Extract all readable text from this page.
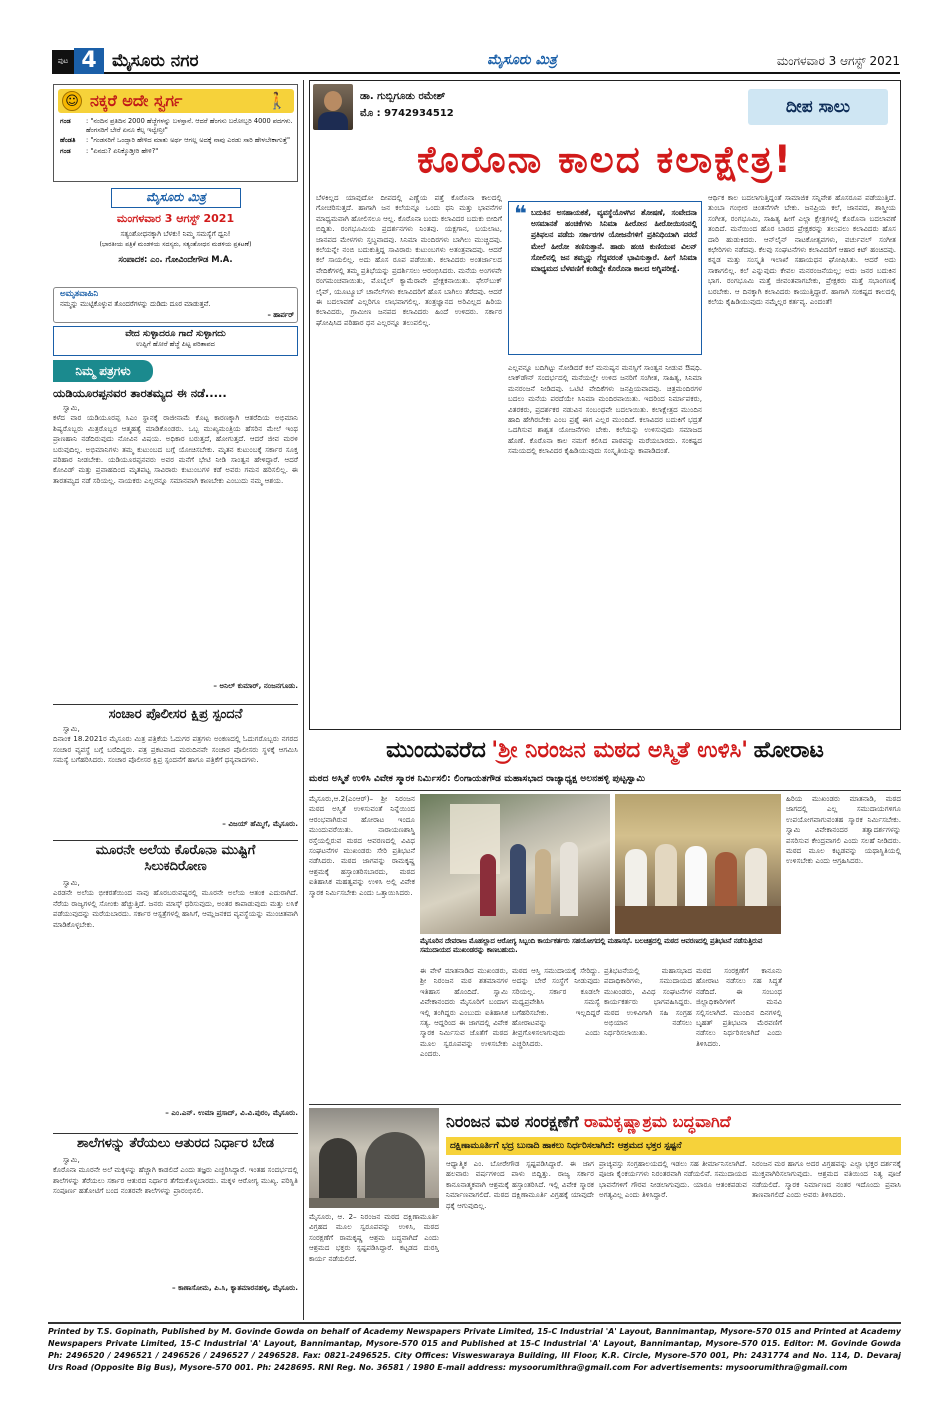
ಪುಟ 4 ಮೈಸೂರು ನಗರ	ಮೈಸೂರು ಮಿತ್ರ	ಮಂಗಳವಾರ 3 ಆಗಸ್ಟ್ 2021
☺ ನಕ್ಕರೆ ಅದೇ ಸ್ವರ್ಗ	🚶
ಗಂಡ	: "ನಂದಿನ ಪ್ರತಿದಿನ 2000 ಹೆಜ್ಜೆಗಳನ್ನು ಬಳಸ್ತಾನೆ. ಆದರೆ ಹೆಂಗಸು ಬರೋಬ್ಬರಿ 4000 ಪದಗಳು. ಹೆಂಗಸರಿಗೆ ಬೇರೆ ಏನೂ ಕೆಲ್ಸ ಇಲ್ವೇನ್ರೀ"
ಹೆಂಡತಿ	: "ಗಂಡಸರಿಗೆ ಒಂದ್ಸಾರಿ ಹೇಳಿದ ಮಾತು ಅರ್ಥ ಆಗಲ್ಲ ಅದಕ್ಕೆ ನಾವು ಎರಡು ಸಾರಿ ಹೇಳಬೇಕಾಗುತ್ತೆ"
ಗಂಡ	: "ಏನದು? ಏನಿಕ್ಕೊಡ್ತೀರಿ ಹೇಳಿ?"
ಮೈಸೂರು ಮಿತ್ರ
ಮಂಗಳವಾರ 3 ಆಗಸ್ಟ್ 2021
ಸತ್ಯಂಶೋಧನಕ್ಕಾಗಿ ಬೆಳಕು! ನಿಮ್ಮ ಸಮಸ್ಯೆಗೆ ಧ್ವನಿ!
(ಭಾರತೀಯ ಪತ್ರಿಕೆ ಮಂಡಳಿಯ ಸದಸ್ಯರು, ಸತ್ಯಂಶೋಧನ ಮಡಳಿಯ ಪ್ರಕಟಣೆ)
ಸಂಪಾದಕ: ಎಂ. ಗೋವಿಂದೇಗೌಡ M.A.
ಅಮೃತವಾಹಿನಿ
ನಮ್ಮನ್ನು ಮುಟ್ಟಿಕೊಳ್ಳುವ ತೊಂದರೆಗಳನ್ನು ದುಡಿದು ದೂರ ಮಾಡುತ್ತವೆ.
– ಹಾರ್ಪರ್
ವೇದ ಸುಳ್ಳಾದರೂ ಗಾದೆ ಸುಳ್ಳಾಗದು
ಉಪ್ಪಿಗೆ ಹೋರೆ ಹೆಜ್ಜೆ ಪಿಟ್ಟ ಪರಿತಾಪದ
ನಿಮ್ಮ ಪತ್ರಗಳು
ಯಡಿಯೂರಪ್ಪನವರ ತಾರತಮ್ಯದ ಈ ನಡೆ.....
ಸ್ವಾಮಿ,
ಕಳೆದ ವಾರ ಯಡಿಯೂರಪ್ಪ ಸಿಎಂ ಸ್ಥಾನಕ್ಕೆ ರಾಜೀನಾಮೆ ಕೊಟ್ಟ ಕಾರಣಕ್ಕಾಗಿ ಆತರೆದಿಯ ಅಭಿಮಾನಿ ಶಿಷ್ಯರೊಬ್ಬರು ಮಿತ್ರರೊಬ್ಬರ ಆತ್ಮಹತ್ಯೆ ಮಾಡಿಕೊಂಡರು. ಒಬ್ಬ ಮುಖ್ಯಮಂತ್ರಿಯ ಹೆಸರಿನ ಮೇಲೆ ಇಂಥ ಪ್ರಾಣಹಾನಿ ನಡೆದಿರುವುದು ನೋವಿನ ವಿಷಯ. ಅಧಿಕಾರ ಬರುತ್ತದೆ, ಹೋಗುತ್ತದೆ. ಆದರೆ ಜೀವ ಮರಳಿ ಬರುವುದಿಲ್ಲ. ಅಭಿಮಾನಿಗಳು ತಮ್ಮ ಕುಟುಂಬದ ಬಗ್ಗೆ ಯೋಚಿಸಬೇಕು. ಮೃತನ ಕುಟುಂಬಕ್ಕೆ ಸರ್ಕಾರ ಸೂಕ್ತ ಪರಿಹಾರ ನೀಡಬೇಕು. ಯಡಿಯೂರಪ್ಪನವರು ಅವರ ಮನೆಗೆ ಭೇಟಿ ನೀಡಿ ಸಾಂತ್ವನ ಹೇಳಿದ್ದಾರೆ. ಆದರೆ ಕೋವಿಡ್ ಮತ್ತು ಪ್ರವಾಹದಿಂದ ಮೃತಪಟ್ಟ ಸಾವಿರಾರು ಕುಟುಂಬಗಳ ಕಡೆ ಅವರು ಗಮನ ಹರಿಸಲಿಲ್ಲ. ಈ ತಾರತಮ್ಯದ ನಡೆ ಸರಿಯಲ್ಲ. ನಾಯಕರು ಎಲ್ಲರನ್ನೂ ಸಮಾನವಾಗಿ ಕಾಣಬೇಕು ಎಂಬುದು ನಮ್ಮ ಆಶಯ.
– ಅನಿಲ್ ಕುಮಾರ್, ನಂಜನಗೂಡು.
ಸಂಚಾರ ಪೊಲೀಸರ ಕ್ಷಿಪ್ರ ಸ್ಪಂದನೆ
ಸ್ವಾಮಿ,
ದಿನಾಂಕ 18.2021ರ ಮೈಸೂರು ಮಿತ್ರ ಪತ್ರಿಕೆಯ ಓದುಗರ ಪತ್ರಗಳು ಅಂಕಣದಲ್ಲಿ ಓದುಗರೊಬ್ಬರು ನಗರದ ಸಂಚಾರ ವ್ಯವಸ್ಥೆ ಬಗ್ಗೆ ಬರೆದಿದ್ದರು. ಪತ್ರ ಪ್ರಕಟವಾದ ಮರುದಿನವೇ ಸಂಚಾರ ಪೊಲೀಸರು ಸ್ಥಳಕ್ಕೆ ಆಗಮಿಸಿ ಸಮಸ್ಯೆ ಬಗೆಹರಿಸಿದರು. ಸಂಚಾರ ಪೊಲೀಸರ ಕ್ಷಿಪ್ರ ಸ್ಪಂದನೆಗೆ ಹಾಗೂ ಪತ್ರಿಕೆಗೆ ಧನ್ಯವಾದಗಳು.
– ವಿಜಯ್ ಹೆಮ್ಮಿಗೆ, ಮೈಸೂರು.
ಮೂರನೇ ಅಲೆಯ ಕೊರೊನಾ ಮುಷ್ಟಿಗೆ ಸಿಲುಕದಿರೋಣ
ಸ್ವಾಮಿ,
ಎರಡನೇ ಅಲೆಯ ಭೀಕರತೆಯಿಂದ ನಾವು ಹೊರಬರುವಷ್ಟರಲ್ಲಿ ಮೂರನೇ ಅಲೆಯ ಆತಂಕ ಎದುರಾಗಿದೆ. ನೆರೆಯ ರಾಜ್ಯಗಳಲ್ಲಿ ಸೋಂಕು ಹೆಚ್ಚುತ್ತಿದೆ. ಜನರು ಮಾಸ್ಕ್ ಧರಿಸುವುದು, ಅಂತರ ಕಾಪಾಡುವುದು ಮತ್ತು ಲಸಿಕೆ ಪಡೆಯುವುದನ್ನು ಮರೆಯಬಾರದು. ಸರ್ಕಾರ ಆಸ್ಪತ್ರೆಗಳಲ್ಲಿ ಹಾಸಿಗೆ, ಆಮ್ಲಜನಕದ ವ್ಯವಸ್ಥೆಯನ್ನು ಮುಂಚಿತವಾಗಿ ಮಾಡಿಕೊಳ್ಳಬೇಕು.
– ಎಂ.ಎನ್. ಉಮಾ ಪ್ರಸಾದ್, ವಿ.ವಿ.ಪುರಂ, ಮೈಸೂರು.
ಶಾಲೆಗಳನ್ನು ತೆರೆಯಲು ಆತುರದ ನಿರ್ಧಾರ ಬೇಡ
ಸ್ವಾಮಿ,
ಕೊರೊನಾ ಮೂರನೇ ಅಲೆ ಮಕ್ಕಳನ್ನು ಹೆಚ್ಚಾಗಿ ಕಾಡಲಿದೆ ಎಂದು ತಜ್ಞರು ಎಚ್ಚರಿಸಿದ್ದಾರೆ. ಇಂತಹ ಸಂದರ್ಭದಲ್ಲಿ ಶಾಲೆಗಳನ್ನು ತೆರೆಯಲು ಸರ್ಕಾರ ಆತುರದ ನಿರ್ಧಾರ ತೆಗೆದುಕೊಳ್ಳಬಾರದು. ಮಕ್ಕಳ ಆರೋಗ್ಯ ಮುಖ್ಯ. ಪರಿಸ್ಥಿತಿ ಸಂಪೂರ್ಣ ಹತೋಟಿಗೆ ಬಂದ ನಂತರವೇ ಶಾಲೆಗಳನ್ನು ಪ್ರಾರಂಭಿಸಲಿ.
– ಕಾಣಾಸೋಮ, ಪಿ.ಸಿ, ಕ್ಯಾತಮಾರನಹಳ್ಳಿ, ಮೈಸೂರು.
ಡಾ. ಗುಬ್ಬಿಗೂಡು ರಮೇಶ್
ಮೊ : 9742934512	ದೀಪ ಸಾಲು
ಕೊರೊನಾ ಕಾಲದ ಕಲಾಕ್ಷೇತ್ರ!
ಬೆಳಕಿಲ್ಲದ ಯಾವುದೋ ದೀಪದಲ್ಲಿ ಎಣ್ಣೆಯ ಪತ್ತೆ ಕೊರೊನಾ ಕಾಲದಲ್ಲಿ ಗೋಚರಿಸುತ್ತದೆ. ಹಾಗಾಗಿ ಜನ ಕಲೆಯನ್ನೂ ಒಂದು ಧನಿ ಮತ್ತು ಭಾವನೆಗಳ ಮಾಧ್ಯಮವಾಗಿ ಹೋಲಿಸಲೂ ಆಲ್ಲ. ಕೊರೊನಾ ಬಂದು ಕಲಾವಿದರ ಬದುಕು ಬೀದಿಗೆ ಬಿದ್ದಿತು. ರಂಗಭೂಮಿಯ ಪ್ರದರ್ಶನಗಳು ನಿಂತವು. ಯಕ್ಷಗಾನ, ಬಯಲಾಟ, ಜಾನಪದ ಮೇಳಗಳು ಸ್ತಬ್ಧವಾದವು. ಸಿನಿಮಾ ಮಂದಿರಗಳು ಬಾಗಿಲು ಮುಚ್ಚಿದವು. ಕಲೆಯನ್ನೇ ನಂಬಿ ಬದುಕುತ್ತಿದ್ದ ಸಾವಿರಾರು ಕುಟುಂಬಗಳು ಅತಂತ್ರವಾದವು. ಆದರೆ ಕಲೆ ಸಾಯಲಿಲ್ಲ. ಅದು ಹೊಸ ರೂಪ ಪಡೆಯಿತು. ಕಲಾವಿದರು ಅಂತರ್ಜಾಲದ ವೇದಿಕೆಗಳಲ್ಲಿ ತಮ್ಮ ಪ್ರತಿಭೆಯನ್ನು ಪ್ರದರ್ಶಿಸಲು ಆರಂಭಿಸಿದರು. ಮನೆಯ ಅಂಗಳವೇ ರಂಗಮಂಚವಾಯಿತು, ಮೊಬೈಲ್ ಕ್ಯಾಮೆರಾವೇ ಪ್ರೇಕ್ಷಕನಾಯಿತು. ಫೇಸ್‌ಬುಕ್ ಲೈವ್, ಯೂಟ್ಯೂಬ್ ಚಾನೆಲ್‌ಗಳು ಕಲಾವಿದರಿಗೆ ಹೊಸ ಬಾಗಿಲು ತೆರೆದವು. ಆದರೆ ಈ ಬದಲಾವಣೆ ಎಲ್ಲರಿಗೂ ಲಾಭವಾಗಲಿಲ್ಲ. ತಂತ್ರಜ್ಞಾನದ ಅರಿವಿಲ್ಲದ ಹಿರಿಯ ಕಲಾವಿದರು, ಗ್ರಾಮೀಣ ಜನಪದ ಕಲಾವಿದರು ಹಿಂದೆ ಉಳಿದರು. ಸರ್ಕಾರ ಘೋಷಿಸಿದ ಪರಿಹಾರ ಧನ ಎಲ್ಲರನ್ನೂ ತಲುಪಲಿಲ್ಲ.
❝ ಬದುಕಿನ ಅಸಹಾಯಕತೆ, ವ್ಯವಸ್ಥೆಯೊಳಗಿನ ಶೋಷಣೆ, ಸಂವೇದನಾ ಅಸಮಾನತೆ ಹಂಚಿಕೆಗಳು ಸಿನಿಮಾ ಹೀರೋನ ಹೀರೋಯಿಸಂನಲ್ಲಿ ಪ್ರತಿಫಲನ ಪಡೆದು ಸರ್ಕಾರಗಳ ಯೋಜನೆಗಳಿಗೆ ಪ್ರತಿನಿಧಿಯಾಗಿ ಪರದೆ ಮೇಲೆ ಹೀರೋ ತಣಿಸುತ್ತಾನೆ. ಹಾಡು ಹಂಚಿ ಕುಣಿಯುವ ವಿಲನ್ ಸೋಲಿನಲ್ಲಿ ಜನ ತಮ್ಮನ್ನು ಗೆದ್ದವರಂತೆ ಭಾವಿಸುತ್ತಾರೆ. ಹೀಗೆ ಸಿನಿಮಾ ಮಾಧ್ಯಮದ ಬೆಳವಣಿಗೆ ಕಂಡಿದ್ದೇ ಕೊರೊನಾ ಕಾಲದ ಅಗ್ನಿಪರೀಕ್ಷೆ.
ಎಲ್ಲವನ್ನೂ ಬದಿಗಿಟ್ಟು ನೋಡಿದರೆ ಕಲೆ ಮನುಷ್ಯನ ಮನಸ್ಸಿಗೆ ಸಾಂತ್ವನ ನೀಡುವ ಔಷಧಿ. ಲಾಕ್‌ಡೌನ್ ಸಂದರ್ಭದಲ್ಲಿ ಮನೆಯಲ್ಲೇ ಉಳಿದ ಜನರಿಗೆ ಸಂಗೀತ, ಸಾಹಿತ್ಯ, ಸಿನಿಮಾ ಮನರಂಜನೆ ನೀಡಿದವು. ಒಟಿಟಿ ವೇದಿಕೆಗಳು ಜನಪ್ರಿಯವಾದವು. ಚಿತ್ರಮಂದಿರಗಳ ಬದಲು ಮನೆಯ ಪರದೆಯೇ ಸಿನಿಮಾ ಮಂದಿರವಾಯಿತು. ಇದರಿಂದ ನಿರ್ಮಾಪಕರು, ವಿತರಕರು, ಪ್ರದರ್ಶಕರ ನಡುವಿನ ಸಂಬಂಧವೇ ಬದಲಾಯಿತು. ಕಲಾಕ್ಷೇತ್ರದ ಮುಂದಿನ ಹಾದಿ ಹೇಗಿರಬೇಕು ಎಂಬ ಪ್ರಶ್ನೆ ಈಗ ಎಲ್ಲರ ಮುಂದಿದೆ. ಕಲಾವಿದರ ಬದುಕಿಗೆ ಭದ್ರತೆ ಒದಗಿಸುವ ಶಾಶ್ವತ ಯೋಜನೆಗಳು ಬೇಕು. ಕಲೆಯನ್ನು ಉಳಿಸುವುದು ಸಮಾಜದ ಹೊಣೆ. ಕೊರೊನಾ ಕಾಲ ನಮಗೆ ಕಲಿಸಿದ ಪಾಠವನ್ನು ಮರೆಯಬಾರದು. ಸಂಕಷ್ಟದ ಸಮಯದಲ್ಲಿ ಕಲಾವಿದರ ಕೈಹಿಡಿಯುವುದು ಸಂಸ್ಕೃತಿಯನ್ನು ಕಾಪಾಡಿದಂತೆ.
ಆರ್ಥಿಕ ಕಾಲ ಬದಲಾಗುತ್ತಿದ್ದಂತೆ ಸಾಮಾಜಿಕ ಸನ್ನಿವೇಶ ಹೊಸರೂಪ ಪಡೆಯುತ್ತಿದೆ. ತುಂಬಾ ಗಂಭೀರ ಚಿಂತನೆಗಳೇ ಬೇಕು. ಜನಪ್ರಿಯ ಕಲೆ, ಜಾನಪದ, ಶಾಸ್ತ್ರೀಯ ಸಂಗೀತ, ರಂಗಭೂಮಿ, ಸಾಹಿತ್ಯ ಹೀಗೆ ಎಲ್ಲಾ ಕ್ಷೇತ್ರಗಳಲ್ಲಿ ಕೊರೊನಾ ಬದಲಾವಣೆ ತಂದಿದೆ. ಮನೆಯಿಂದ ಹೊರ ಬಾರದ ಪ್ರೇಕ್ಷಕರನ್ನು ತಲುಪಲು ಕಲಾವಿದರು ಹೊಸ ದಾರಿ ಹುಡುಕಿದರು. ಆನ್‌ಲೈನ್ ನಾಟಕೋತ್ಸವಗಳು, ವರ್ಚುವಲ್ ಸಂಗೀತ ಕಛೇರಿಗಳು ನಡೆದವು. ಕೆಲವು ಸಂಘಟನೆಗಳು ಕಲಾವಿದರಿಗೆ ಆಹಾರ ಕಿಟ್ ಹಂಚಿದವು. ಕನ್ನಡ ಮತ್ತು ಸಂಸ್ಕೃತಿ ಇಲಾಖೆ ಸಹಾಯಧನ ಘೋಷಿಸಿತು. ಆದರೆ ಅದು ಸಾಕಾಗಲಿಲ್ಲ. ಕಲೆ ಎನ್ನುವುದು ಕೇವಲ ಮನರಂಜನೆಯಲ್ಲ; ಅದು ಜನರ ಬದುಕಿನ ಭಾಗ. ರಂಗಭೂಮಿ ಮತ್ತೆ ಜೀವಂತವಾಗಬೇಕು, ಪ್ರೇಕ್ಷಕರು ಮತ್ತೆ ಸಭಾಂಗಣಕ್ಕೆ ಬರಬೇಕು. ಆ ದಿನಕ್ಕಾಗಿ ಕಲಾವಿದರು ಕಾಯುತ್ತಿದ್ದಾರೆ. ಹಾಗಾಗಿ ಸಂಕಷ್ಟದ ಕಾಲದಲ್ಲಿ ಕಲೆಯ ಕೈಹಿಡಿಯುವುದು ನಮ್ಮೆಲ್ಲರ ಕರ್ತವ್ಯ. ಎಂದಂತೆ!
ಮುಂದುವರೆದ 'ಶ್ರೀ ನಿರಂಜನ ಮಠದ ಅಸ್ಮಿತೆ ಉಳಿಸಿ' ಹೋರಾಟ
ಮಠದ ಅಸ್ಮಿತೆ ಉಳಿಸಿ ವಿವೇಕ ಸ್ಮಾರಕ ನಿರ್ಮಿಸಲಿ: ಲಿಂಗಾಯತಗೌಡ ಮಹಾಸಭಾದ ರಾಜ್ಯಾಧ್ಯಕ್ಷ ಅಲನಹಳ್ಳಿ ಪುಟ್ಟಸ್ವಾಮಿ
ಮೈಸೂರು,ಆ.2(ಎಂಆರ್)– ಶ್ರೀ ನಿರಂಜನ ಮಠದ ಅಸ್ಮಿತೆ ಉಳಿಸುವಂತೆ ನಿನ್ನೆಯಿಂದ ಆರಂಭವಾಗಿರುವ ಹೋರಾಟ ಇಂದೂ ಮುಂದುವರೆಯಿತು. ನಾರಾಯಣಶಾಸ್ತ್ರಿ ರಸ್ತೆಯಲ್ಲಿರುವ ಮಠದ ಆವರಣದಲ್ಲಿ ವಿವಿಧ ಸಂಘಟನೆಗಳ ಮುಖಂಡರು ಸೇರಿ ಪ್ರತಿಭಟನೆ ನಡೆಸಿದರು. ಮಠದ ಜಾಗವನ್ನು ರಾಮಕೃಷ್ಣ ಆಶ್ರಮಕ್ಕೆ ಹಸ್ತಾಂತರಿಸಬಾರದು, ಮಠದ ಐತಿಹಾಸಿಕ ಮಹತ್ವವನ್ನು ಉಳಿಸಿ ಅಲ್ಲಿ ವಿವೇಕ ಸ್ಮಾರಕ ನಿರ್ಮಿಸಬೇಕು ಎಂದು ಒತ್ತಾಯಿಸಿದರು.
ಹಿರಿಯ ಮುಖಂಡರು ಮಾತನಾಡಿ, ಮಠದ ಜಾಗದಲ್ಲಿ ಎಲ್ಲ ಸಮುದಾಯಗಳಿಗೂ ಉಪಯೋಗವಾಗುವಂತಹ ಸ್ಮಾರಕ ನಿರ್ಮಿಸಬೇಕು. ಸ್ವಾಮಿ ವಿವೇಕಾನಂದರ ತತ್ವಾದರ್ಶಗಳನ್ನು ಪಸರಿಸುವ ಕೇಂದ್ರವಾಗಲಿ ಎಂದು ಸಲಹೆ ನೀಡಿದರು. ಮಠದ ಮೂಲ ಕಟ್ಟಡವನ್ನು ಯಥಾಸ್ಥಿತಿಯಲ್ಲಿ ಉಳಿಸಬೇಕು ಎಂದು ಆಗ್ರಹಿಸಿದರು.
ಮೈಸೂರಿನ ದೇವರಾಜ ಮೊಹಲ್ಲಾದ ಆರೋಗ್ಯ ಸಿಬ್ಬಂದಿ ಕಾರ್ಯಕರ್ತರು ಸಹಯೋಗದಲ್ಲಿ ಮಹಾಸಭೆ. ಬಲಚಿತ್ರದಲ್ಲಿ ಮಠದ ಆವರಣದಲ್ಲಿ ಪ್ರತಿಭಟನೆ ನಡೆಸುತ್ತಿರುವ ಸಮುದಾಯದ ಮುಖಂಡರನ್ನು ಕಾಣಬಹುದು.
ಈ ವೇಳೆ ಮಾತನಾಡಿದ ಮುಖಂಡರು, ಶ್ರೀ ನಿರಂಜನ ಮಠ ಶತಮಾನಗಳ ಇತಿಹಾಸ ಹೊಂದಿದೆ. ಸ್ವಾಮಿ ವಿವೇಕಾನಂದರು ಮೈಸೂರಿಗೆ ಬಂದಾಗ ಇಲ್ಲಿ ತಂಗಿದ್ದರು ಎಂಬುದು ಐತಿಹಾಸಿಕ ಸತ್ಯ. ಆದ್ದರಿಂದ ಈ ಜಾಗದಲ್ಲಿ ವಿವೇಕ ಸ್ಮಾರಕ ನಿರ್ಮಿಸುವ ಜೊತೆಗೆ ಮಠದ ಮೂಲ ಸ್ವರೂಪವನ್ನು ಉಳಿಸಬೇಕು ಎಂದರು.
ಮಠದ ಆಸ್ತಿ ಸಮುದಾಯಕ್ಕೆ ಸೇರಿದ್ದು. ಅದನ್ನು ಬೇರೆ ಸಂಸ್ಥೆಗೆ ನೀಡುವುದು ಸರಿಯಲ್ಲ. ಸರ್ಕಾರ ಕೂಡಲೇ ಮಧ್ಯಪ್ರವೇಶಿಸಿ ಸಮಸ್ಯೆ ಬಗೆಹರಿಸಬೇಕು. ಇಲ್ಲದಿದ್ದರೆ ಹೋರಾಟವನ್ನು ತೀವ್ರಗೊಳಿಸಲಾಗುವುದು ಎಂದು ಎಚ್ಚರಿಸಿದರು.
ಪ್ರತಿಭಟನೆಯಲ್ಲಿ ಮಹಾಸಭಾದ ಪದಾಧಿಕಾರಿಗಳು, ಸಮುದಾಯದ ಮುಖಂಡರು, ವಿವಿಧ ಸಂಘಟನೆಗಳ ಕಾರ್ಯಕರ್ತರು ಭಾಗವಹಿಸಿದ್ದರು. ಮಠದ ಉಳಿವಿಗಾಗಿ ಸಹಿ ಸಂಗ್ರಹ ಅಭಿಯಾನ ನಡೆಸಲು ನಿರ್ಧರಿಸಲಾಯಿತು.
ಮಠದ ಸಂರಕ್ಷಣೆಗೆ ಕಾನೂನು ಹೋರಾಟ ನಡೆಸಲು ಸಹ ಸಿದ್ಧತೆ ನಡೆದಿದೆ. ಈ ಸಂಬಂಧ ಜಿಲ್ಲಾಧಿಕಾರಿಗಳಿಗೆ ಮನವಿ ಸಲ್ಲಿಸಲಾಗಿದೆ. ಮುಂದಿನ ದಿನಗಳಲ್ಲಿ ಬೃಹತ್ ಪ್ರತಿಭಟನಾ ಮೆರವಣಿಗೆ ನಡೆಸಲು ನಿರ್ಧರಿಸಲಾಗಿದೆ ಎಂದು ತಿಳಿಸಿದರು.
ನಿರಂಜನ ಮಠ ಸಂರಕ್ಷಣೆಗೆ ರಾಮಕೃಷ್ಣಾಶ್ರಮ ಬದ್ಧವಾಗಿದೆ
ದಕ್ಷಿಣಾಮೂರ್ತಿಗೆ ಭದ್ರ ಬುನಾದಿ ಹಾಕಲು ನಿರ್ಧರಿಸಲಾಗಿದೆ: ಆಶ್ರಮದ ಭಕ್ತರ ಸ್ಪಷ್ಟನೆ
ಮೈಸೂರು, ಆ. 2– ನಿರಂಜನ ಮಠದ ದಕ್ಷಿಣಾಮೂರ್ತಿ ವಿಗ್ರಹದ ಮೂಲ ಸ್ವರೂಪವನ್ನು ಉಳಿಸಿ, ಮಠದ ಸಂರಕ್ಷಣೆಗೆ ರಾಮಕೃಷ್ಣ ಆಶ್ರಮ ಬದ್ಧವಾಗಿದೆ ಎಂದು ಆಶ್ರಮದ ಭಕ್ತರು ಸ್ಪಷ್ಟಪಡಿಸಿದ್ದಾರೆ. ಕಟ್ಟಡದ ದುರಸ್ತಿ ಕಾರ್ಯ ನಡೆಯಲಿದೆ.
ಆಧ್ಯಾತ್ಮಿಕ ಎಂ. ಬೋರೇಗೌಡ ಸ್ಪಷ್ಟಪಡಿಸಿದ್ದಾರೆ. ಈ ಜಾಗ ಹಲವಾರು ವರ್ಷಗಳಿಂದ ಪಾಳು ಬಿದ್ದಿತ್ತು. ರಾಜ್ಯ ಸರ್ಕಾರ ಕಾನೂನಾತ್ಮಕವಾಗಿ ಆಶ್ರಮಕ್ಕೆ ಹಸ್ತಾಂತರಿಸಿದೆ. ಇಲ್ಲಿ ವಿವೇಕ ಸ್ಮಾರಕ ನಿರ್ಮಾಣವಾಗಲಿದೆ. ಮಠದ ದಕ್ಷಿಣಾಮೂರ್ತಿ ವಿಗ್ರಹಕ್ಕೆ ಯಾವುದೇ ಧಕ್ಕೆ ಆಗುವುದಿಲ್ಲ.
ಪ್ರಾಚ್ಯವಸ್ತು ಸಂಗ್ರಹಾಲಯದಲ್ಲಿ ಇಡಲು ಸಹ ತೀರ್ಮಾನಿಸಲಾಗಿದೆ. ಪೂಜಾ ಕೈಂಕರ್ಯಗಳು ನಿರಂತರವಾಗಿ ನಡೆಯಲಿವೆ. ಸಮುದಾಯದ ಭಾವನೆಗಳಿಗೆ ಗೌರವ ನೀಡಲಾಗುವುದು. ಯಾರೂ ಆತಂಕಪಡುವ ಅಗತ್ಯವಿಲ್ಲ ಎಂದು ತಿಳಿಸಿದ್ದಾರೆ.
ನಿರಂಜನ ಮಠ ಹಾಗೂ ಅದರ ವಿಗ್ರಹವನ್ನು ಎಲ್ಲಾ ಭಕ್ತರ ದರ್ಶನಕ್ಕೆ ಮುಕ್ತವಾಗಿರಿಸಲಾಗುವುದು. ಆಶ್ರಮದ ವತಿಯಿಂದ ನಿತ್ಯ ಪೂಜೆ ನಡೆಯಲಿದೆ. ಸ್ಮಾರಕ ನಿರ್ಮಾಣದ ನಂತರ ಇದೊಂದು ಪ್ರವಾಸಿ ತಾಣವಾಗಲಿದೆ ಎಂದು ಅವರು ತಿಳಿಸಿದರು.
Printed by T.S. Gopinath, Published by M. Govinde Gowda on behalf of Academy Newspapers Private Limited, 15-C Industrial 'A' Layout, Bannimantap, Mysore-570 015 and Printed at Academy Newspapers Private Limited, 15-C Industrial 'A' Layout, Bannimantap, Mysore-570 015 and Published at 15-C Industrial 'A' Layout, Bannimantap, Mysore-570 015. Editor: M. Govinde Gowda Ph: 2496520 / 2496521 / 2496526 / 2496527 / 2496528. Fax: 0821-2496525. City Offices: Visweswaraya Building, III Floor, K.R. Circle, Mysore-570 001, Ph: 2431774 and No. 114, D. Devaraj Urs Road (Opposite Big Bus), Mysore-570 001. Ph: 2428695. RNI Reg. No. 36581 / 1980 E-mail address: mysoorumithra@gmail.com For advertisements: mysoorumithra@gmail.com
